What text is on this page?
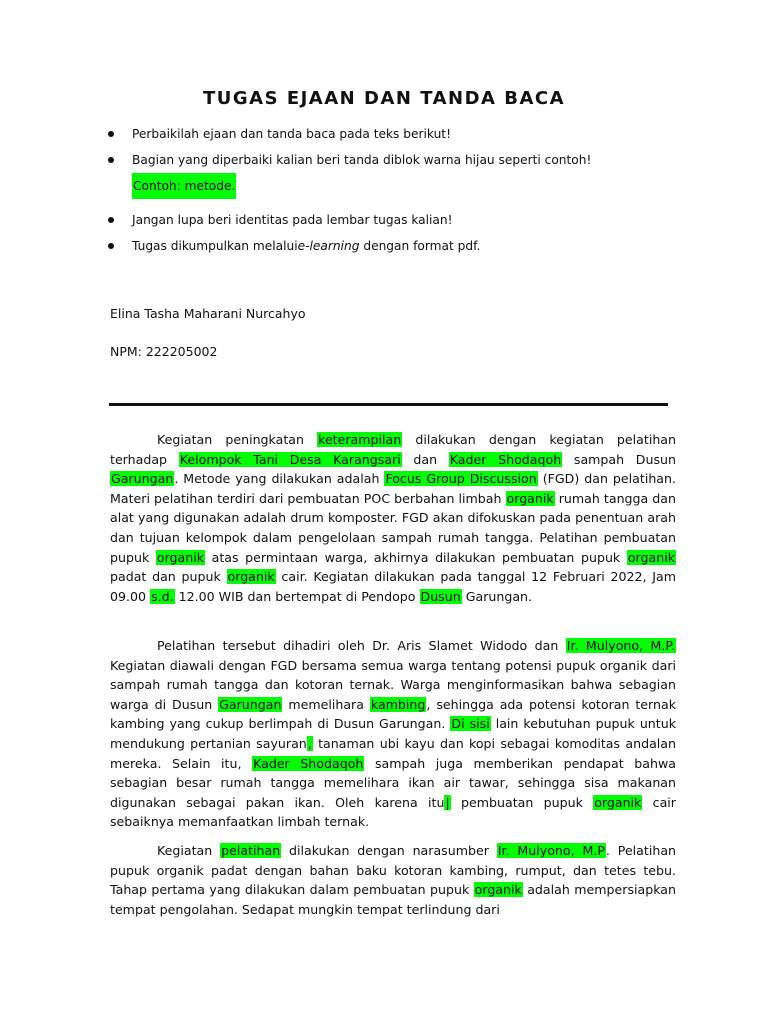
TUGAS EJAAN DAN TANDA BACA
Perbaikilah ejaan dan tanda baca pada teks berikut!
Bagian yang diperbaiki kalian beri tanda diblok warna hijau seperti contoh!
Contoh: metode.
Jangan lupa beri identitas pada lembar tugas kalian!
Tugas dikumpulkan melaluie-learning dengan format pdf.
Elina Tasha Maharani Nurcahyo
NPM: 222205002

Kegiatan peningkatan keterampilan dilakukan dengan kegiatan pelatihan terhadap Kelompok Tani Desa Karangsari dan Kader Shodaqoh sampah Dusun Garungan. Metode yang dilakukan adalah Focus Group Discussion (FGD) dan pelatihan. Materi pelatihan terdiri dari pembuatan POC berbahan limbah organik rumah tangga dan alat yang digunakan adalah drum komposter. FGD akan difokuskan pada penentuan arah dan tujuan kelompok dalam pengelolaan sampah rumah tangga. Pelatihan pembuatan pupuk organik atas permintaan warga, akhirnya dilakukan pembuatan pupuk organik padat dan pupuk organik cair. Kegiatan dilakukan pada tanggal 12 Februari 2022, Jam 09.00 s.d. 12.00 WIB dan bertempat di Pendopo Dusun Garungan.

Pelatihan tersebut dihadiri oleh Dr. Aris Slamet Widodo dan Ir. Mulyono, M.P. Kegiatan diawali dengan FGD bersama semua warga tentang potensi pupuk organik dari sampah rumah tangga dan kotoran ternak. Warga menginformasikan bahwa sebagian warga di Dusun Garungan memelihara kambing, sehingga ada potensi kotoran ternak kambing yang cukup berlimpah di Dusun Garungan. Di sisi lain kebutuhan pupuk untuk mendukung pertanian sayuran, tanaman ubi kayu dan kopi sebagai komoditas andalan mereka. Selain itu, Kader Shodaqoh sampah juga memberikan pendapat bahwa sebagian besar rumah tangga memelihara ikan air tawar, sehingga sisa makanan digunakan sebagai pakan ikan. Oleh karena itu| pembuatan pupuk organik cair sebaiknya memanfaatkan limbah ternak.

Kegiatan pelatihan dilakukan dengan narasumber Ir. Mulyono, M.P. Pelatihan pupuk organik padat dengan bahan baku kotoran kambing, rumput, dan tetes tebu. Tahap pertama yang dilakukan dalam pembuatan pupuk organik adalah mempersiapkan tempat pengolahan. Sedapat mungkin tempat terlindung dari
